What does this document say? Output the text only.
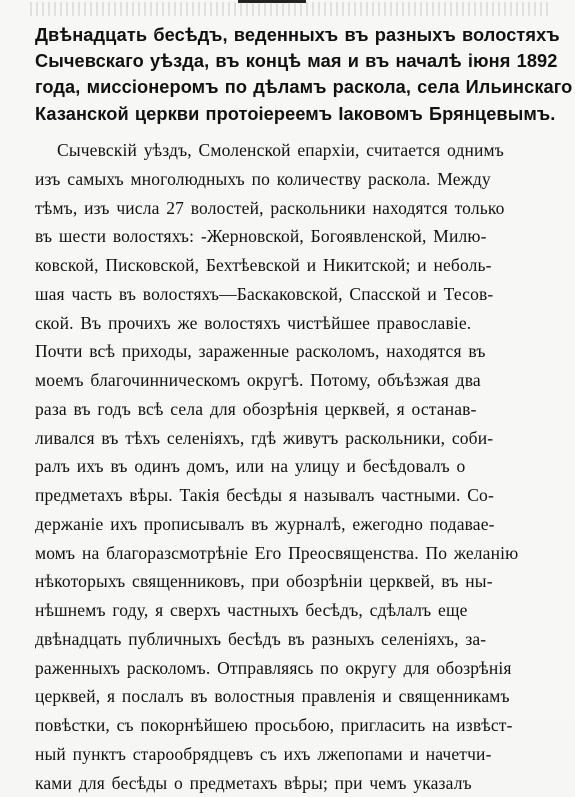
Двѣнадцать бесѣдъ, веденныхъ въ разныхъ волостяхъ
Сычевскаго уѣзда, въ концѣ мая и въ началѣ іюня 1892
года, миссіонеромъ по дѣламъ раскола, села Ильинскаго
Казанской церкви протоіереемъ Іаковомъ Брянцевымъ.
Сычевскій уѣздъ, Смоленской епархіи, считается однимъ
изъ самыхъ многолюдныхъ по количеству раскола. Между
тѣмъ, изъ числа 27 волостей, раскольники находятся только
въ шести волостяхъ: -Жерновской, Богоявленской, Милю-
ковской, Писковской, Бехтѣевской и Никитской; и неболь-
шая часть въ волостяхъ—Баскаковской, Спасской и Тесов-
ской. Въ прочихъ же волостяхъ чистѣйшее православіе.
Почти всѣ приходы, зараженные расколомъ, находятся въ
моемъ благочинническомъ округѣ. Потому, объѣзжая два
раза въ годъ всѣ села для обозрѣнія церквей, я останав-
ливался въ тѣхъ селеніяхъ, гдѣ живутъ раскольники, соби-
ралъ ихъ въ одинъ домъ, или на улицу и бесѣдовалъ о
предметахъ вѣры. Такія бесѣды я называлъ частными. Со-
держаніе ихъ прописывалъ въ журналѣ, ежегодно подавае-
момъ на благоразсмотрѣніе Его Преосвященства. По желанію
нѣкоторыхъ священниковъ, при обозрѣніи церквей, въ ны-
нѣшнемъ году, я сверхъ частныхъ бесѣдъ, сдѣлалъ еще
двѣнадцать публичныхъ бесѣдъ въ разныхъ селеніяхъ, за-
раженныхъ расколомъ. Отправляясь по округу для обозрѣнія
церквей, я послалъ въ волостныя правленія и священникамъ
повѣстки, съ покорнѣйшею просьбою, пригласить на извѣст-
ный пунктъ старообрядцевъ съ ихъ лжепопами и начетчи-
ками для бесѣды о предметахъ вѣры; при чемъ указалъ
